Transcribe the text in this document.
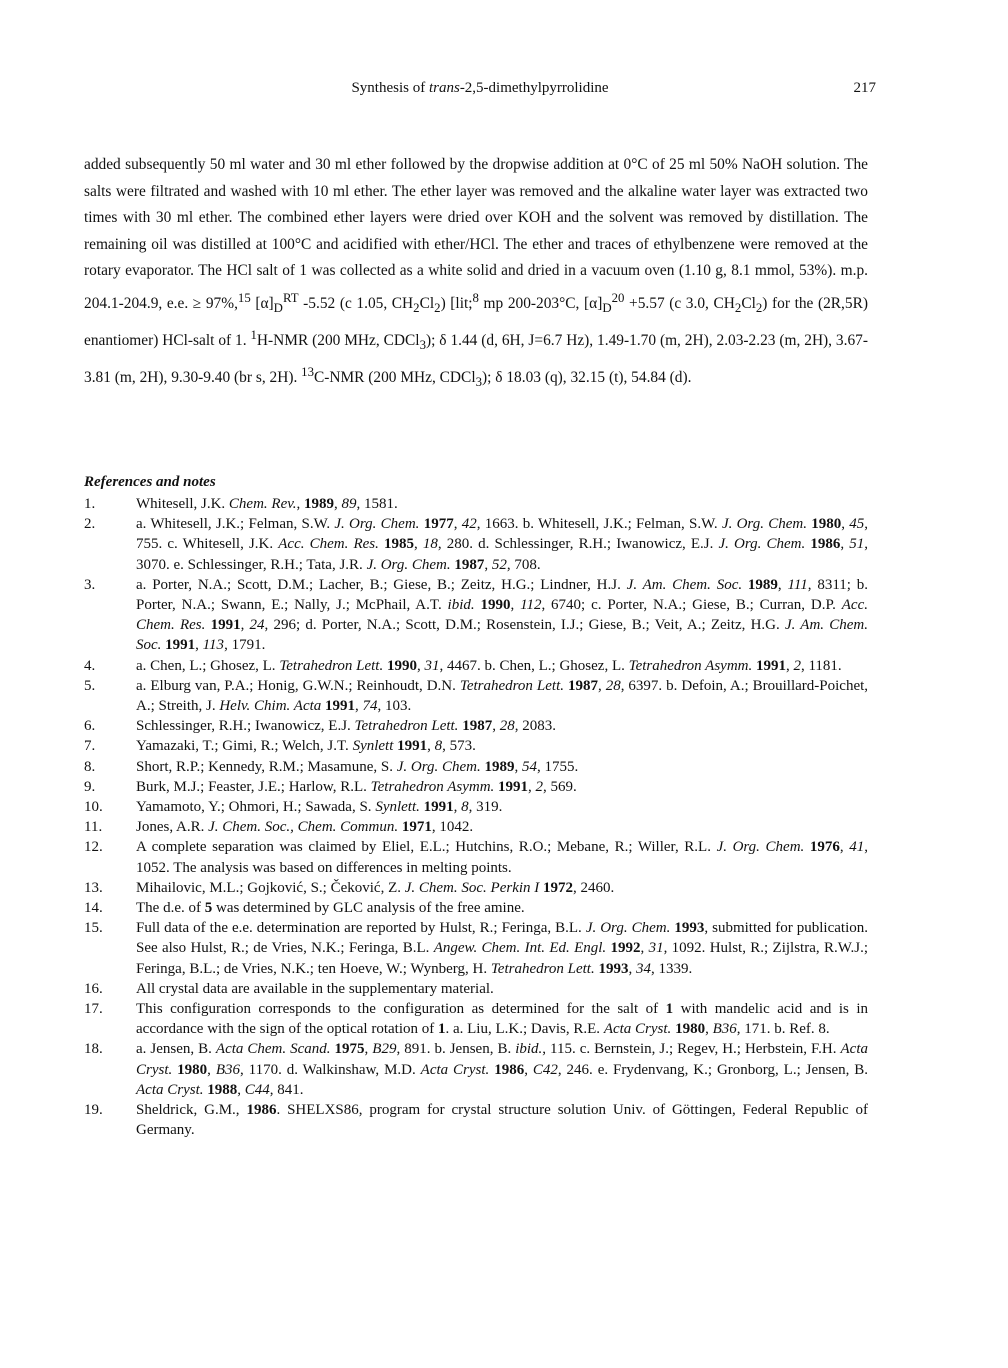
Synthesis of trans-2,5-dimethylpyrrolidine	217
added subsequently 50 ml water and 30 ml ether followed by the dropwise addition at 0°C of 25 ml 50% NaOH solution. The salts were filtrated and washed with 10 ml ether. The ether layer was removed and the alkaline water layer was extracted two times with 30 ml ether. The combined ether layers were dried over KOH and the solvent was removed by distillation. The remaining oil was distilled at 100°C and acidified with ether/HCl. The ether and traces of ethylbenzene were removed at the rotary evaporator. The HCl salt of 1 was collected as a white solid and dried in a vacuum oven (1.10 g, 8.1 mmol, 53%). m.p. 204.1-204.9, e.e. ≥ 97%,$^{15}$ $[\alpha]_D^{RT}$ -5.52 (c 1.05, $CH_2Cl_2$) [lit;$^8$ mp 200-203°C, $[\alpha]_D^{20} +5.57$ (c 3.0, $CH_2Cl_2$) for the (2R,5R) enantiomer) HCl-salt of 1. $^1$H-NMR (200 MHz, CDCl$_3$); δ 1.44 (d, 6H, J=6.7 Hz), 1.49-1.70 (m, 2H), 2.03-2.23 (m, 2H), 3.67-3.81 (m, 2H), 9.30-9.40 (br s, 2H). $^{13}$C-NMR (200 MHz, CDCl$_3$); δ 18.03 (q), 32.15 (t), 54.84 (d).
References and notes
1.	Whitesell, J.K. Chem. Rev., 1989, 89, 1581.
2.	a. Whitesell, J.K.; Felman, S.W. J. Org. Chem. 1977, 42, 1663. b. Whitesell, J.K.; Felman, S.W. J. Org. Chem. 1980, 45, 755. c. Whitesell, J.K. Acc. Chem. Res. 1985, 18, 280. d. Schlessinger, R.H.; Iwanowicz, E.J. J. Org. Chem. 1986, 51, 3070. e. Schlessinger, R.H.; Tata, J.R. J. Org. Chem. 1987, 52, 708.
3.	a. Porter, N.A.; Scott, D.M.; Lacher, B.; Giese, B.; Zeitz, H.G.; Lindner, H.J. J. Am. Chem. Soc. 1989, 111, 8311; b. Porter, N.A.; Swann, E.; Nally, J.; McPhail, A.T. ibid. 1990, 112, 6740; c. Porter, N.A.; Giese, B.; Curran, D.P. Acc. Chem. Res. 1991, 24, 296; d. Porter, N.A.; Scott, D.M.; Rosenstein, I.J.; Giese, B.; Veit, A.; Zeitz, H.G. J. Am. Chem. Soc. 1991, 113, 1791.
4.	a. Chen, L.; Ghosez, L. Tetrahedron Lett. 1990, 31, 4467. b. Chen, L.; Ghosez, L. Tetrahedron Asymm. 1991, 2, 1181.
5.	a. Elburg van, P.A.; Honig, G.W.N.; Reinhoudt, D.N. Tetrahedron Lett. 1987, 28, 6397. b. Defoin, A.; Brouillard-Poichet, A.; Streith, J. Helv. Chim. Acta 1991, 74, 103.
6.	Schlessinger, R.H.; Iwanowicz, E.J. Tetrahedron Lett. 1987, 28, 2083.
7.	Yamazaki, T.; Gimi, R.; Welch, J.T. Synlett 1991, 8, 573.
8.	Short, R.P.; Kennedy, R.M.; Masamune, S. J. Org. Chem. 1989, 54, 1755.
9.	Burk, M.J.; Feaster, J.E.; Harlow, R.L. Tetrahedron Asymm. 1991, 2, 569.
10. Yamamoto, Y.; Ohmori, H.; Sawada, S. Synlett. 1991, 8, 319.
11. Jones, A.R. J. Chem. Soc., Chem. Commun. 1971, 1042.
12. A complete separation was claimed by Eliel, E.L.; Hutchins, R.O.; Mebane, R.; Willer, R.L. J. Org. Chem. 1976, 41, 1052. The analysis was based on differences in melting points.
13. Mihailovic, M.L.; Gojković, S.; Čeković, Z. J. Chem. Soc. Perkin I 1972, 2460.
14. The d.e. of 5 was determined by GLC analysis of the free amine.
15. Full data of the e.e. determination are reported by Hulst, R.; Feringa, B.L. J. Org. Chem. 1993, submitted for publication. See also Hulst, R.; de Vries, N.K.; Feringa, B.L. Angew. Chem. Int. Ed. Engl. 1992, 31, 1092. Hulst, R.; Zijlstra, R.W.J.; Feringa, B.L.; de Vries, N.K.; ten Hoeve, W.; Wynberg, H. Tetrahedron Lett. 1993, 34, 1339.
16. All crystal data are available in the supplementary material.
17. This configuration corresponds to the configuration as determined for the salt of 1 with mandelic acid and is in accordance with the sign of the optical rotation of 1. a. Liu, L.K.; Davis, R.E. Acta Cryst. 1980, B36, 171. b. Ref. 8.
18. a. Jensen, B. Acta Chem. Scand. 1975, B29, 891. b. Jensen, B. ibid., 115. c. Bernstein, J.; Regev, H.; Herbstein, F.H. Acta Cryst. 1980, B36, 1170. d. Walkinshaw, M.D. Acta Cryst. 1986, C42, 246. e. Frydenvang, K.; Gronborg, L.; Jensen, B. Acta Cryst. 1988, C44, 841.
19. Sheldrick, G.M., 1986. SHELXS86, program for crystal structure solution Univ. of Göttingen, Federal Republic of Germany.
